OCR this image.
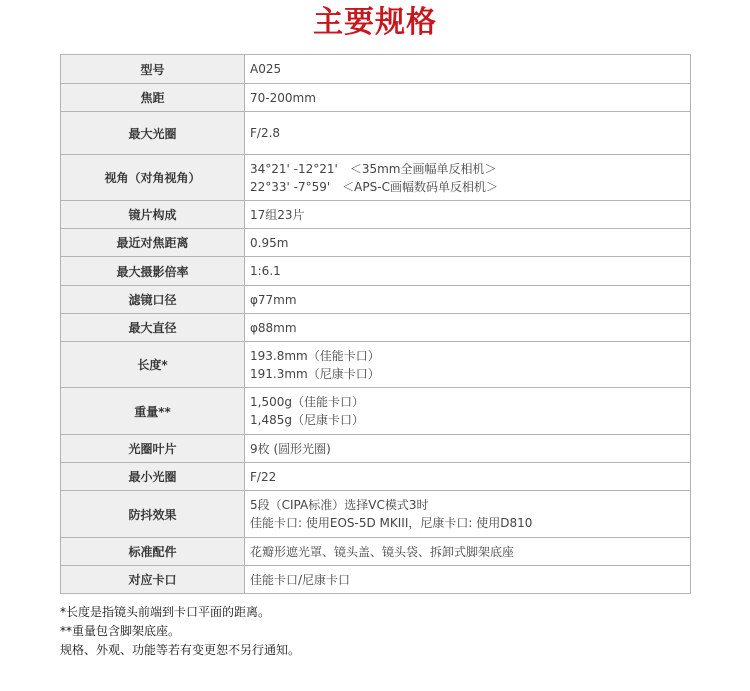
主要规格
型号	A025

焦距	70-200mm

最大光圈	F/2.8

视角（对角视角）	34°21' -12°21'　＜35mm全画幅单反相机＞
22°33' -7°59'　＜APS-C画幅数码单反相机＞

镜片构成	17组23片

最近对焦距离	0.95m

最大摄影倍率	1:6.1

滤镜口径	φ77mm

最大直径	φ88mm

长度*	193.8mm（佳能卡口）
191.3mm（尼康卡口）

重量**	1,500g（佳能卡口）
1,485g（尼康卡口）

光圈叶片	9枚 (圆形光圈)

最小光圈	F/22

防抖效果	5段（CIPA标准）选择VC模式3时
佳能卡口: 使用EOS-5D MKIII，尼康卡口: 使用D810

标准配件	花瓣形遮光罩、镜头盖、镜头袋、拆卸式脚架底座

对应卡口	佳能卡口/尼康卡口
*长度是指镜头前端到卡口平面的距离。
**重量包含脚架底座。
规格、外观、功能等若有变更恕不另行通知。
